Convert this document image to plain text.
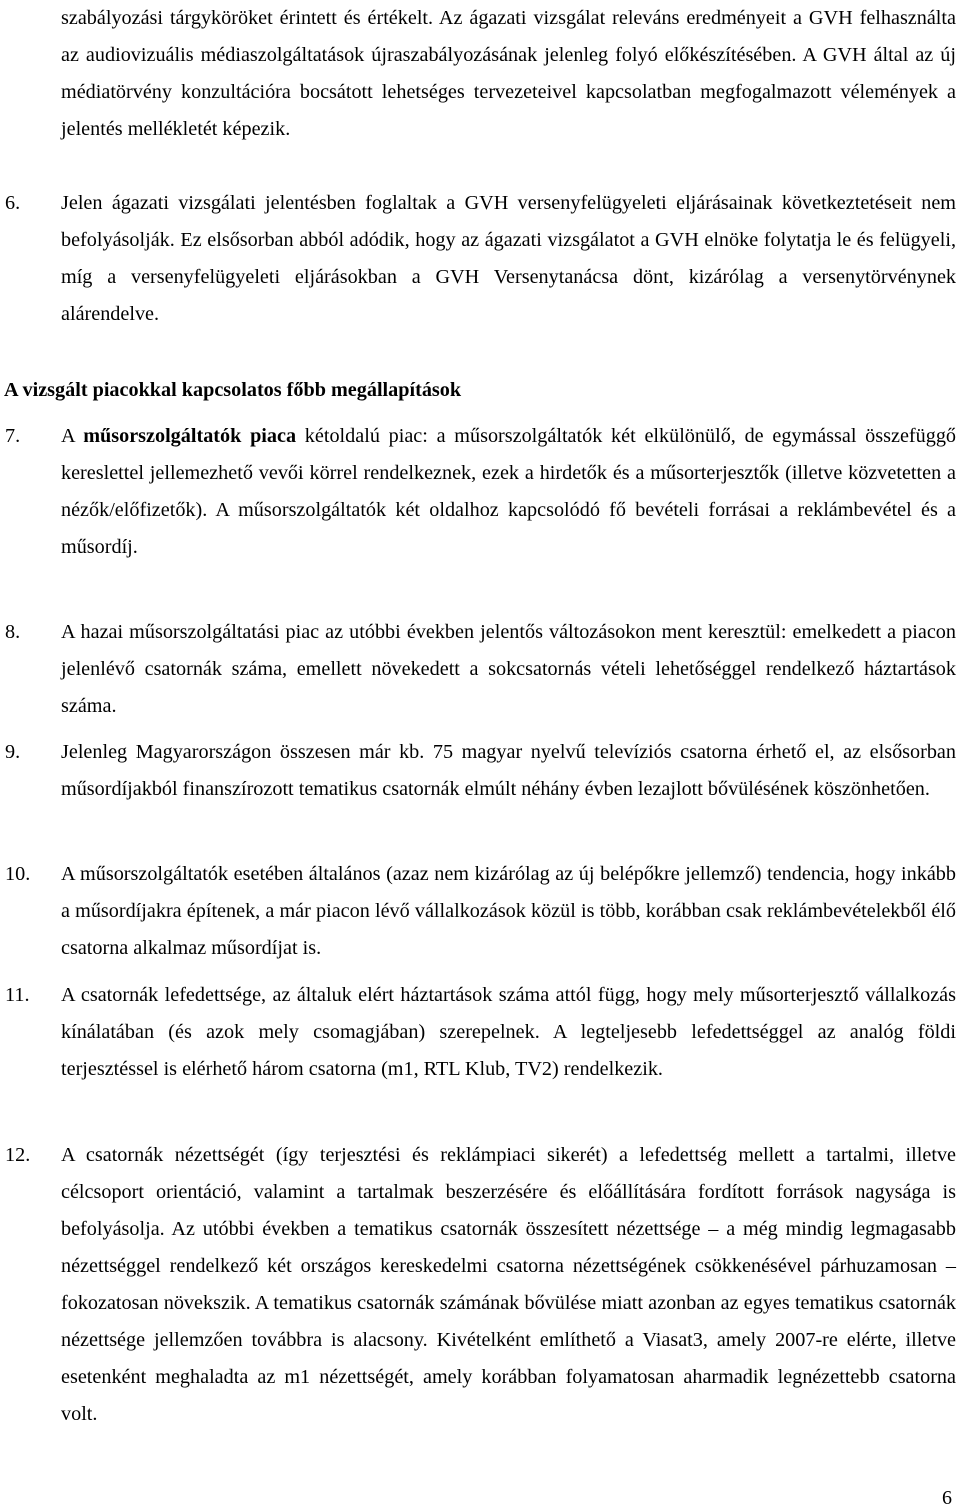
szabályozási tárgyköröket érintett és értékelt. Az ágazati vizsgálat releváns eredményeit a GVH felhasználta az audiovizuális médiaszolgáltatások újraszabályozásának jelenleg folyó előkészítésében. A GVH által az új médiatörvény konzultációra bocsátott lehetséges tervezeteivel kapcsolatban megfogalmazott vélemények a jelentés mellékletét képezik.

6.	Jelen ágazati vizsgálati jelentésben foglaltak a GVH versenyfelügyeleti eljárásainak következtetéseit nem befolyásolják. Ez elsősorban abból adódik, hogy az ágazati vizsgálatot a GVH elnöke folytatja le és felügyeli, míg a versenyfelügyeleti eljárásokban a GVH Versenytanácsa dönt, kizárólag a versenytörvénynek alárendelve.
A vizsgált piacokkal kapcsolatos főbb megállapítások
7.	A műsorszolgáltatók piaca kétoldalú piac: a műsorszolgáltatók két elkülönülő, de egymással összefüggő kereslettel jellemezhető vevői körrel rendelkeznek, ezek a hirdetők és a műsorterjesztők (illetve közvetetten a nézők/előfizetők). A műsorszolgáltatók két oldalhoz kapcsolódó fő bevételi forrásai a reklámbevétel és a műsordíj.
8.	A hazai műsorszolgáltatási piac az utóbbi években jelentős változásokon ment keresztül: emelkedett a piacon jelenlévő csatornák száma, emellett növekedett a sokcsatornás vételi lehetőséggel rendelkező háztartások száma.
9.	Jelenleg Magyarországon összesen már kb. 75 magyar nyelvű televíziós csatorna érhető el, az elsősorban műsordíjakból finanszírozott tematikus csatornák elmúlt néhány évben lezajlott bővülésének köszönhetően.
10.	A műsorszolgáltatók esetében általános (azaz nem kizárólag az új belépőkre jellemző) tendencia, hogy inkább a műsordíjakra építenek, a már piacon lévő vállalkozások közül is több, korábban csak reklámbevételekből élő csatorna alkalmaz műsordíjat is.
11.	A csatornák lefedettsége, az általuk elért háztartások száma attól függ, hogy mely műsorterjesztő vállalkozás kínálatában (és azok mely csomagjában) szerepelnek. A legteljesebb lefedettséggel az analóg földi terjesztéssel is elérhető három csatorna (m1, RTL Klub, TV2) rendelkezik.
12.	A csatornák nézettségét (így terjesztési és reklámpiaci sikerét) a lefedettség mellett a tartalmi, illetve célcsoport orientáció, valamint a tartalmak beszerzésére és előállítására fordított források nagysága is befolyásolja. Az utóbbi években a tematikus csatornák összesített nézettsége – a még mindig legmagasabb nézettséggel rendelkező két országos kereskedelmi csatorna nézettségének csökkenésével párhuzamosan – fokozatosan növekszik. A tematikus csatornák számának bővülése miatt azonban az egyes tematikus csatornák nézettsége jellemzően továbbra is alacsony. Kivételként említhető a Viasat3, amely 2007-re elérte, illetve esetenként meghaladta az m1 nézettségét, amely korábban folyamatosan aharmadik legnézettebb csatorna volt.
6
